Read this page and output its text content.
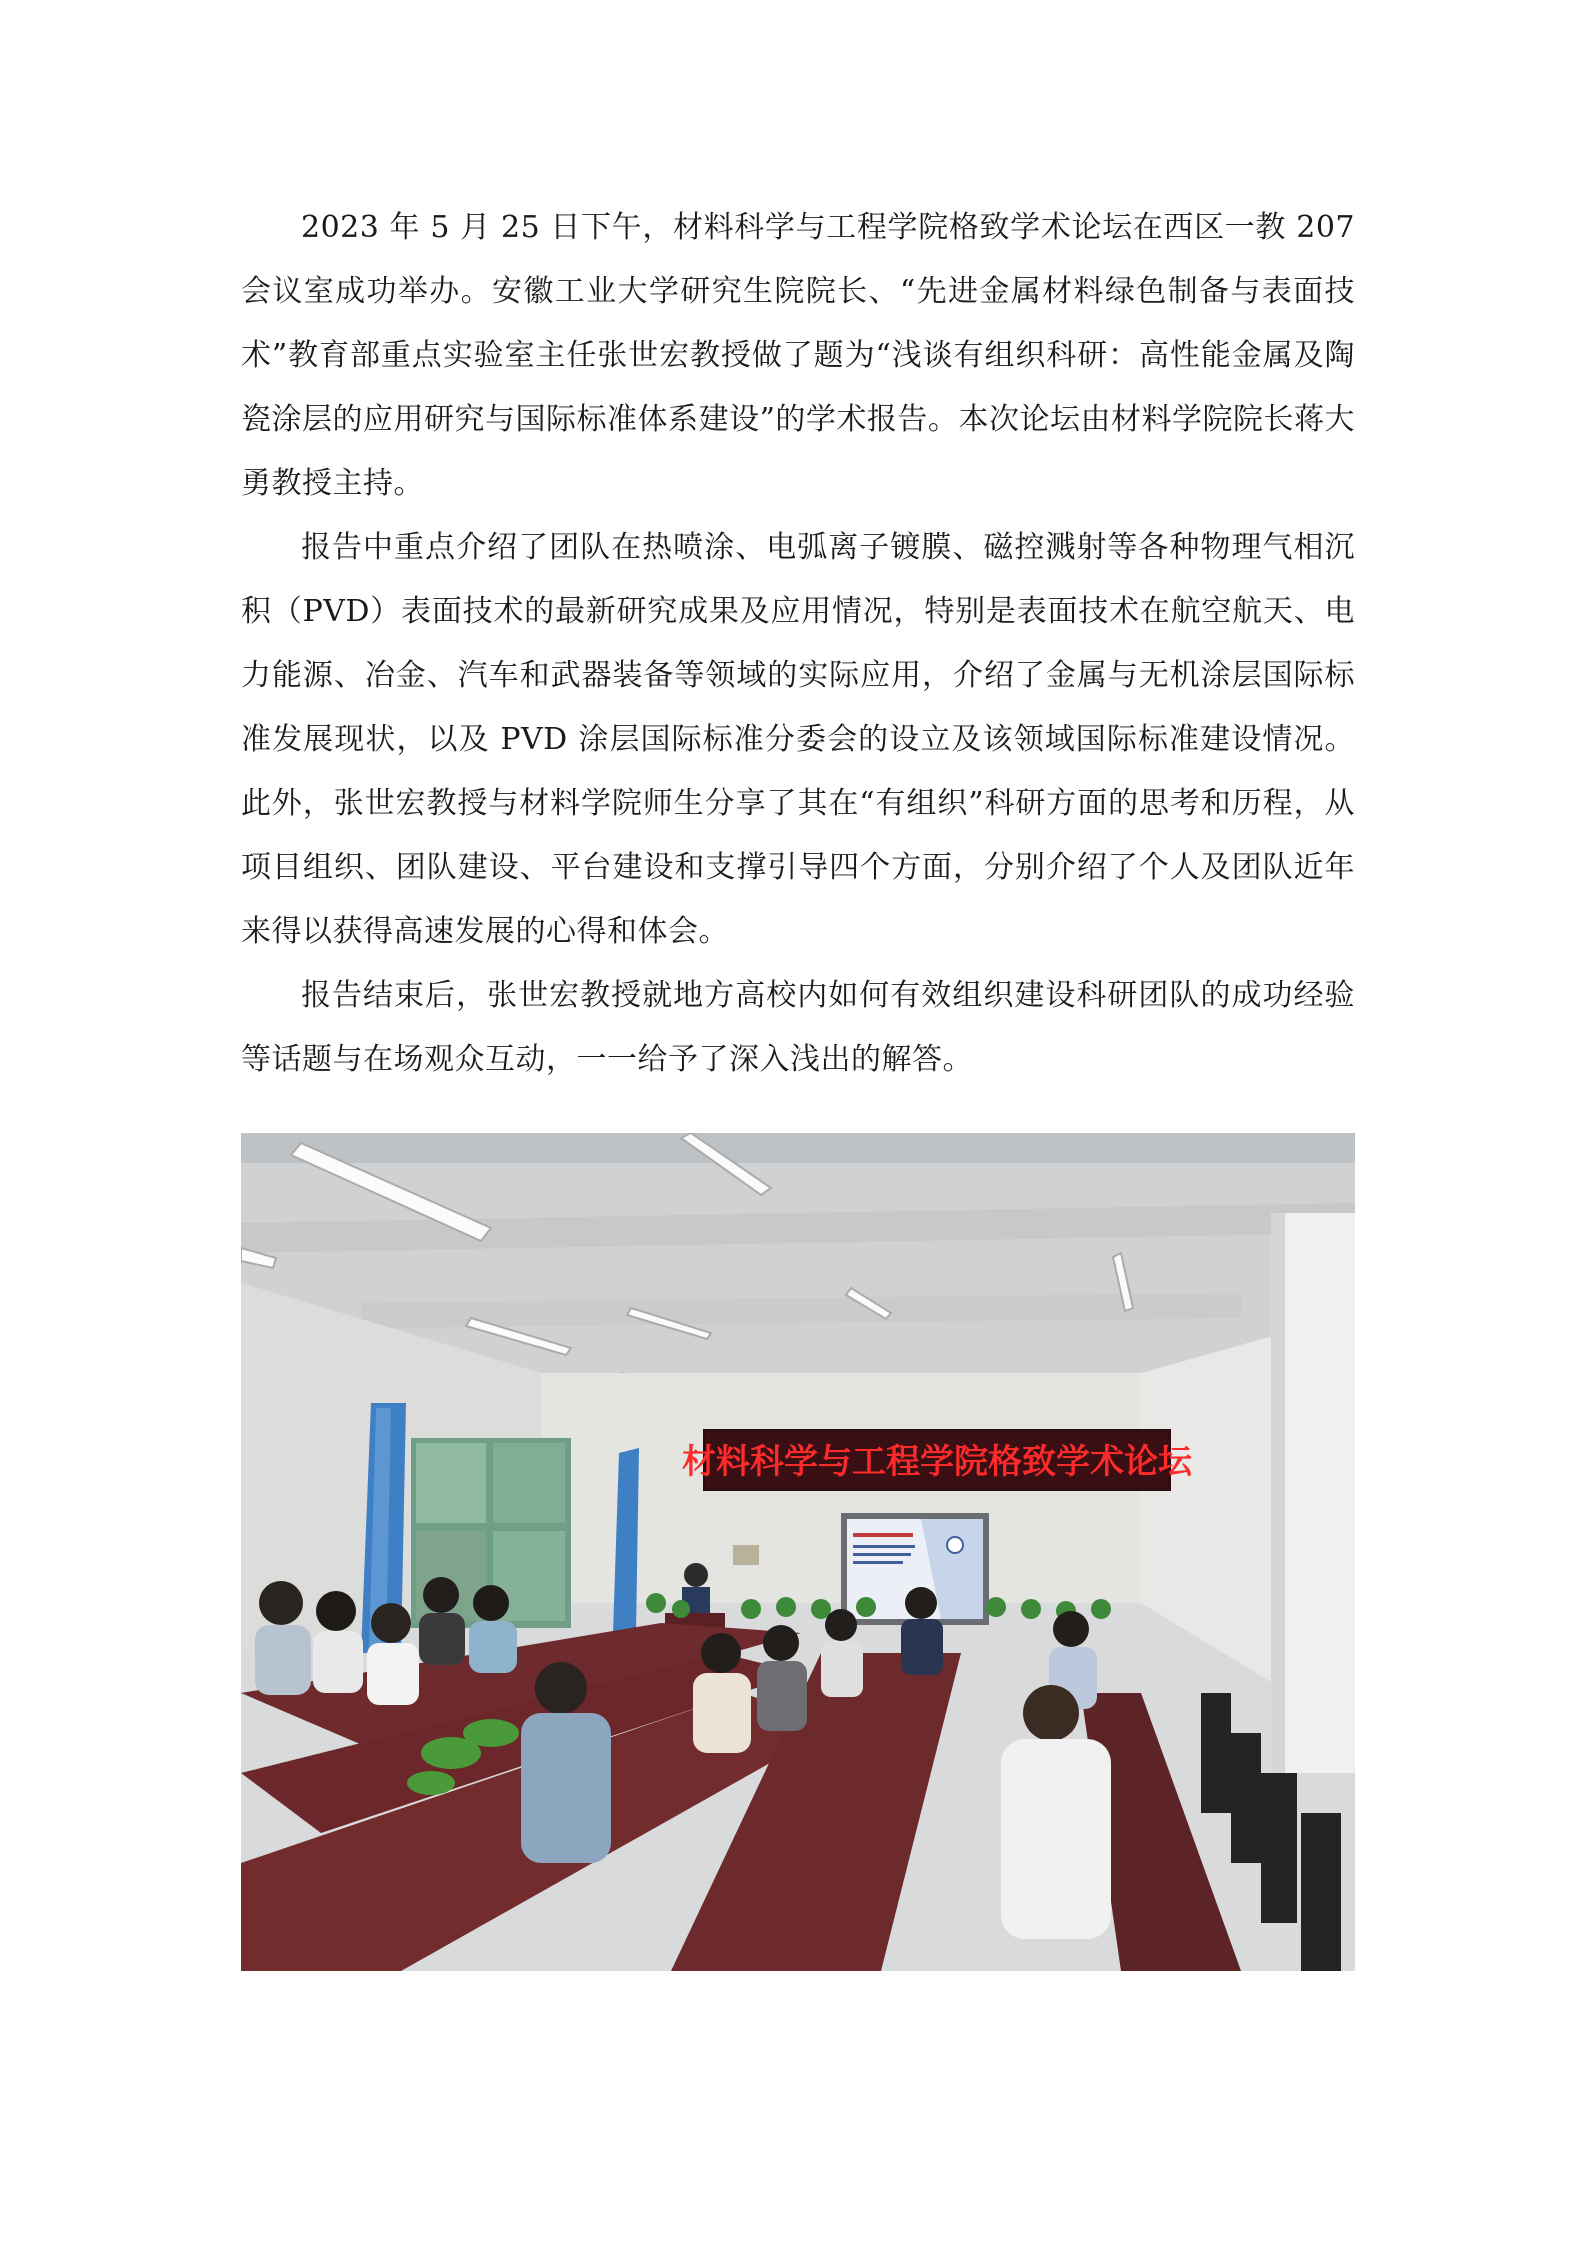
2023 年 5 月 25 日下午，材料科学与工程学院格致学术论坛在西区一教 207 会议室成功举办。安徽工业大学研究生院院长、“先进金属材料绿色制备与表面技术”教育部重点实验室主任张世宏教授做了题为“浅谈有组织科研：高性能金属及陶瓷涂层的应用研究与国际标准体系建设”的学术报告。本次论坛由材料学院院长蒋大勇教授主持。

报告中重点介绍了团队在热喷涂、电弧离子镀膜、磁控溅射等各种物理气相沉积（PVD）表面技术的最新研究成果及应用情况，特别是表面技术在航空航天、电力能源、冶金、汽车和武器装备等领域的实际应用，介绍了金属与无机涂层国际标准发展现状，以及 PVD 涂层国际标准分委会的设立及该领域国际标准建设情况。此外，张世宏教授与材料学院师生分享了其在“有组织”科研方面的思考和历程，从项目组织、团队建设、平台建设和支撑引导四个方面，分别介绍了个人及团队近年来得以获得高速发展的心得和体会。

报告结束后，张世宏教授就地方高校内如何有效组织建设科研团队的成功经验等话题与在场观众互动，一一给予了深入浅出的解答。

材料科学与工程学院格致学术论坛
